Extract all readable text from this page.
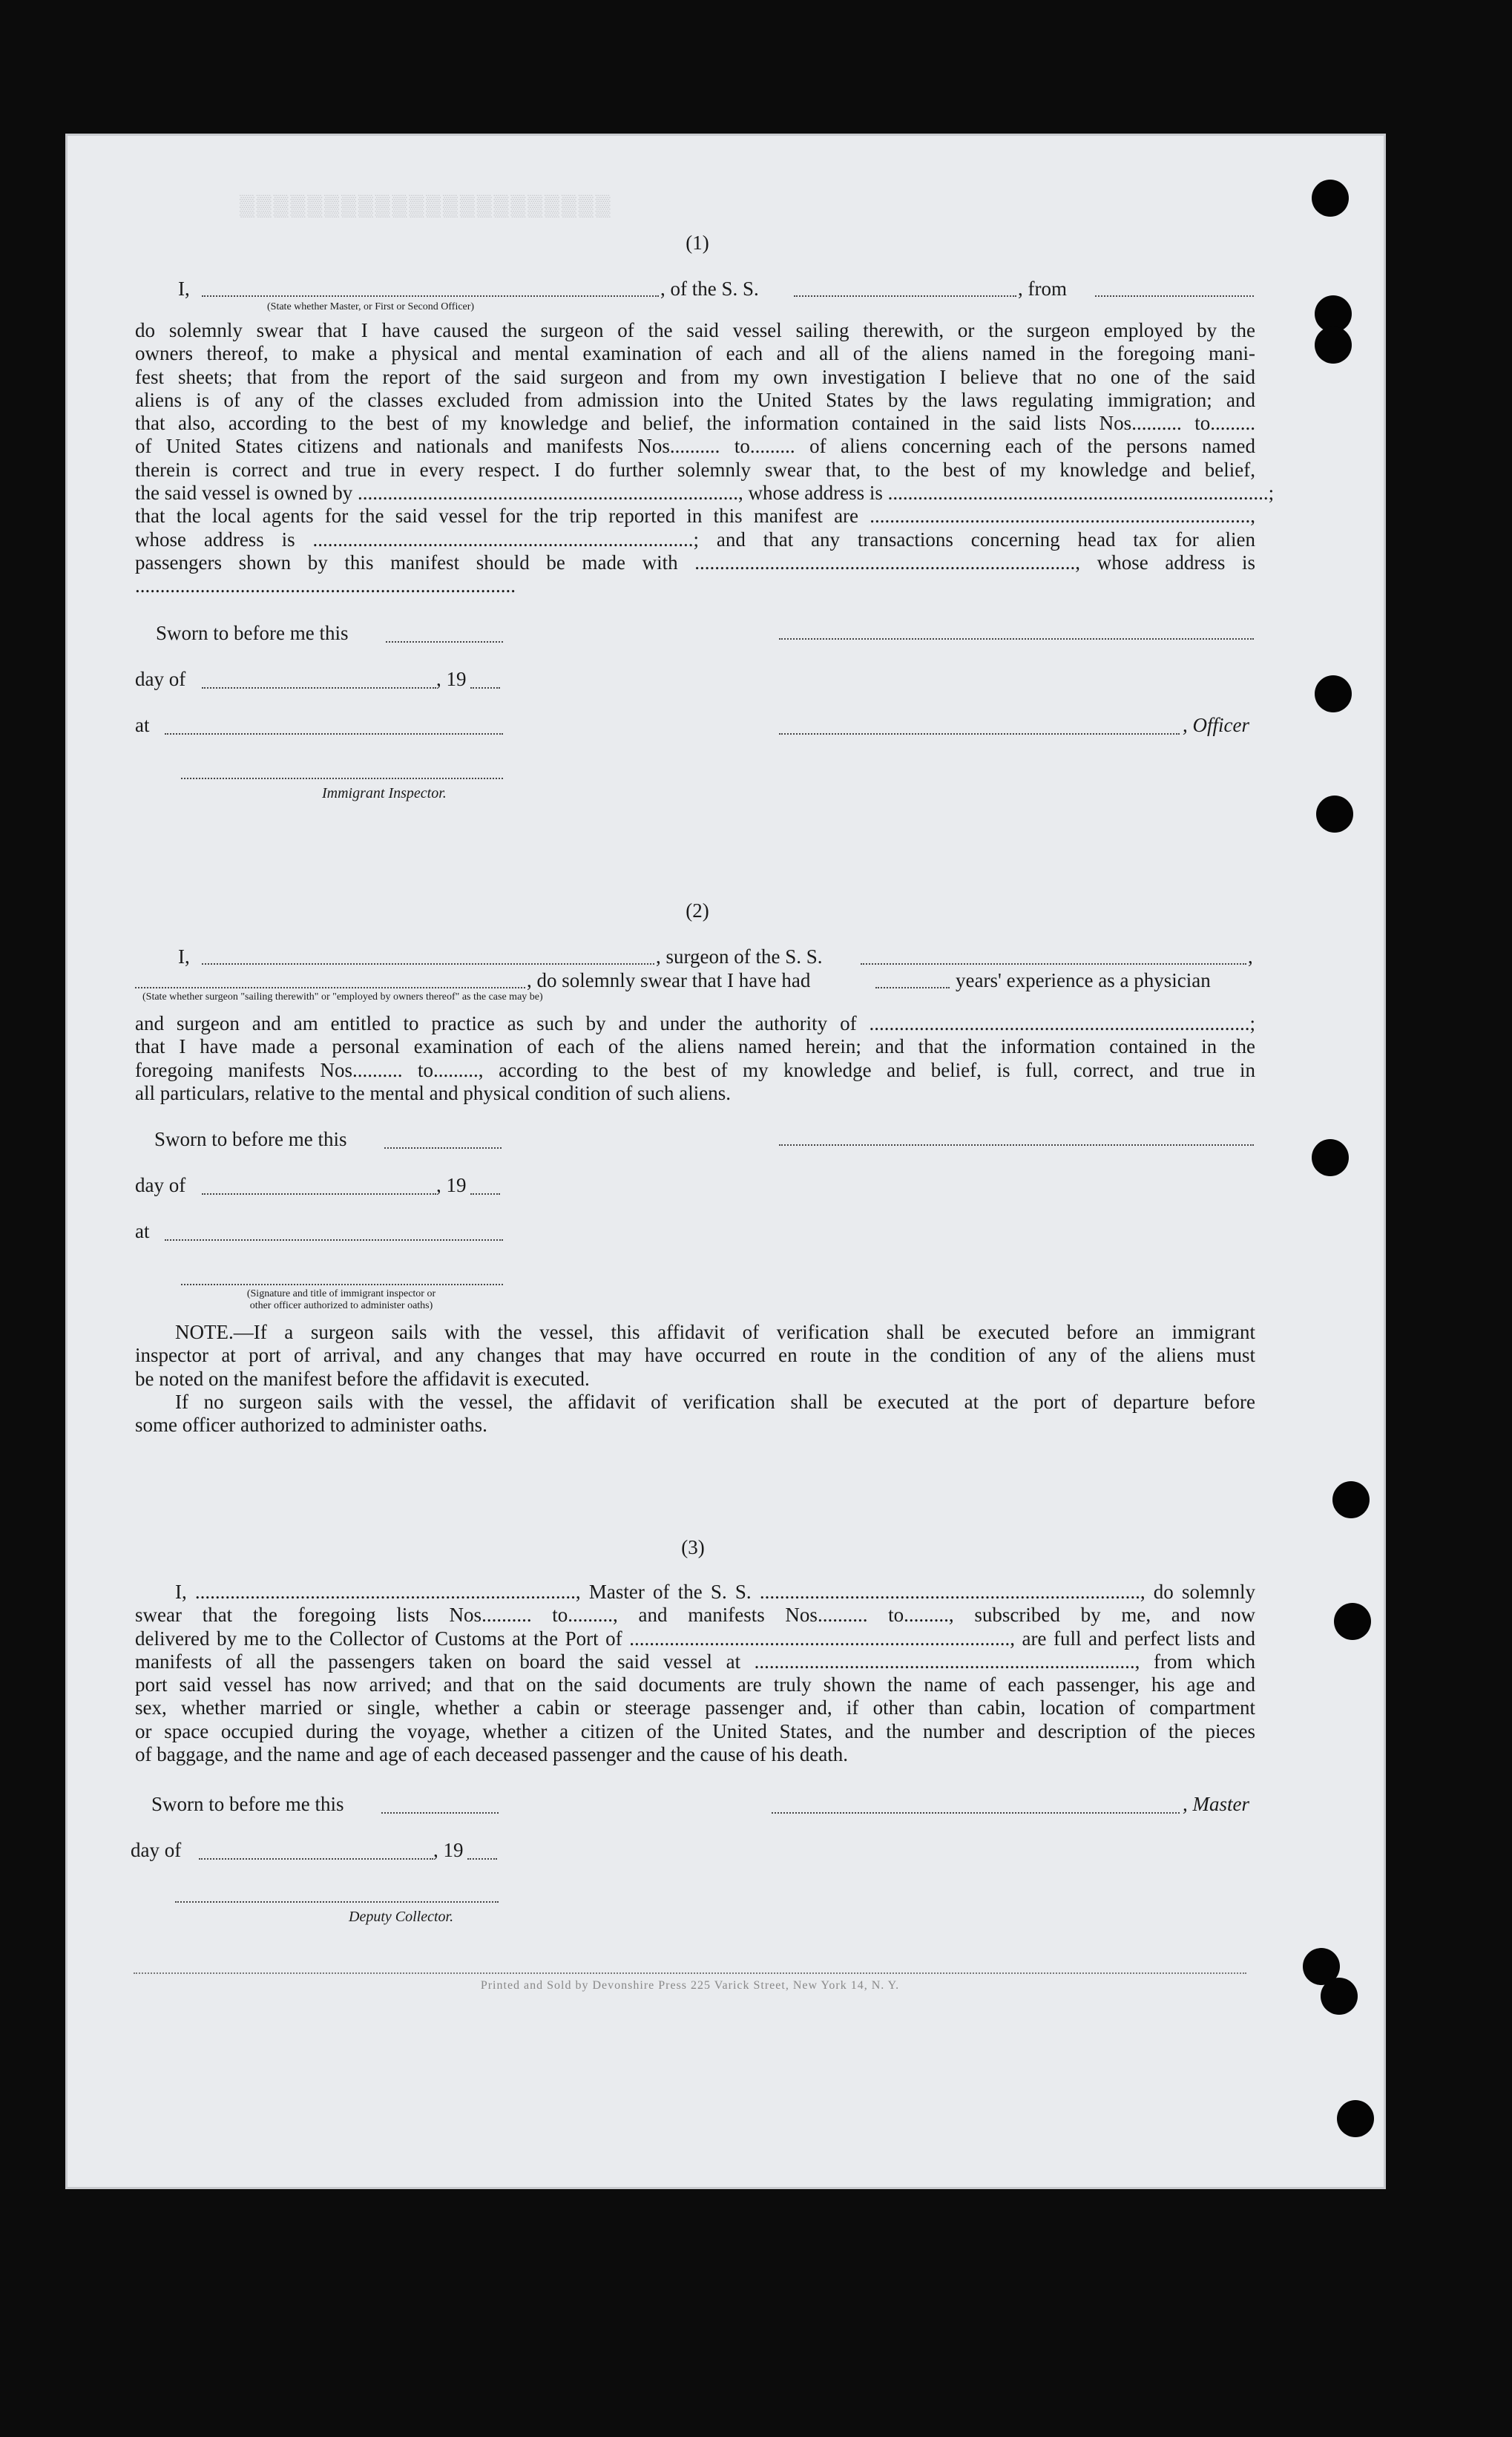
▒▒▒▒▒▒▒▒▒▒▒▒▒▒▒▒▒▒▒▒▒▒
(1)
I,	, of the S. S.	, from
(State whether Master, or First or Second Officer)
do solemnly swear that I have caused the surgeon of the said vessel sailing therewith, or the surgeon employed by the
owners thereof, to make a physical and mental examination of each and all of the aliens named in the foregoing mani-
fest sheets; that from the report of the said surgeon and from my own investigation I believe that no one of the said
aliens is of any of the classes excluded from admission into the United States by the laws regulating immigration; and
that also, according to the best of my knowledge and belief, the information contained in the said lists Nos.......... to.........
of United States citizens and nationals and manifests Nos.......... to......... of aliens concerning each of the persons named
therein is correct and true in every respect. I do further solemnly swear that, to the best of my knowledge and belief,
the said vessel is owned by ............................................................................, whose address is ............................................................................;
that the local agents for the said vessel for the trip reported in this manifest are ............................................................................,
whose address is ............................................................................; and that any transactions concerning head tax for alien
passengers shown by this manifest should be made with ............................................................................, whose address is
............................................................................
Sworn to before me this
day of	, 19
at	, Officer
Immigrant Inspector.
(2)
I,	, surgeon of the S. S.	,
, do solemnly swear that I have had	years' experience as a physician
(State whether surgeon "sailing therewith" or "employed by owners thereof" as the case may be)
and surgeon and am entitled to practice as such by and under the authority of ............................................................................;
that I have made a personal examination of each of the aliens named herein; and that the information contained in the
foregoing manifests Nos.......... to........., according to the best of my knowledge and belief, is full, correct, and true in
all particulars, relative to the mental and physical condition of such aliens.
Sworn to before me this
day of	, 19
at
(Signature and title of immigrant inspector or
other officer authorized to administer oaths)
NOTE.—If a surgeon sails with the vessel, this affidavit of verification shall be executed before an immigrant
inspector at port of arrival, and any changes that may have occurred en route in the condition of any of the aliens must
be noted on the manifest before the affidavit is executed.
If no surgeon sails with the vessel, the affidavit of verification shall be executed at the port of departure before
some officer authorized to administer oaths.
(3)
I, ............................................................................, Master of the S. S. ............................................................................, do solemnly
swear that the foregoing lists Nos.......... to........., and manifests Nos.......... to........., subscribed by me, and now
delivered by me to the Collector of Customs at the Port of ............................................................................, are full and perfect lists and
manifests of all the passengers taken on board the said vessel at ............................................................................, from which
port said vessel has now arrived; and that on the said documents are truly shown the name of each passenger, his age and
sex, whether married or single, whether a cabin or steerage passenger and, if other than cabin, location of compartment
or space occupied during the voyage, whether a citizen of the United States, and the number and description of the pieces
of baggage, and the name and age of each deceased passenger and the cause of his death.
Sworn to before me this	, Master
day of	, 19
Deputy Collector.
Printed and Sold by Devonshire Press 225 Varick Street, New York 14, N. Y.
